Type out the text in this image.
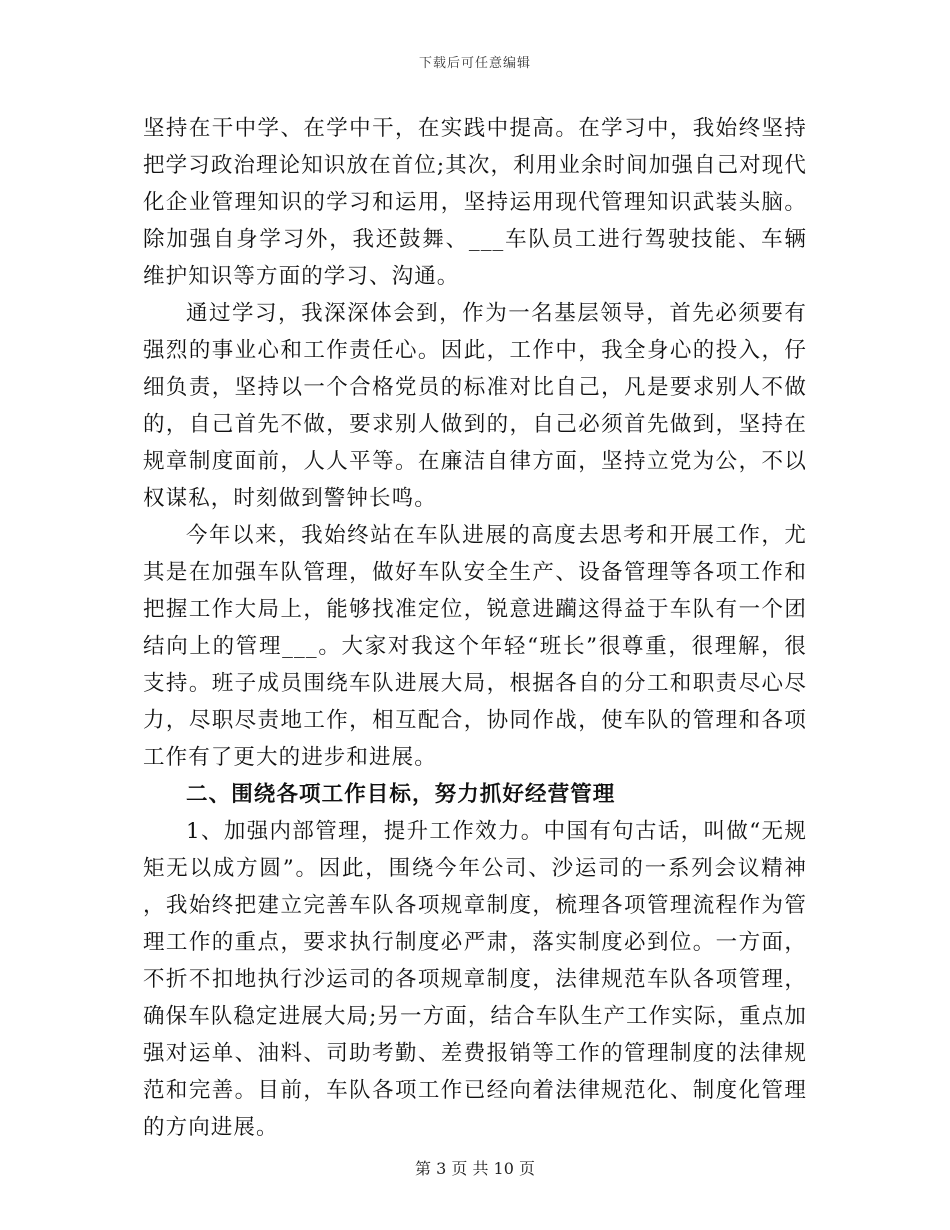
下载后可任意编辑

坚持在干中学、在学中干，在实践中提高。在学习中，我始终坚持把学习政治理论知识放在首位;其次，利用业余时间加强自己对现代化企业管理知识的学习和运用，坚持运用现代管理知识武装头脑。除加强自身学习外，我还鼓舞、___车队员工进行驾驶技能、车辆维护知识等方面的学习、沟通。

通过学习，我深深体会到，作为一名基层领导，首先必须要有强烈的事业心和工作责任心。因此，工作中，我全身心的投入，仔细负责，坚持以一个合格党员的标准对比自己，凡是要求别人不做的，自己首先不做，要求别人做到的，自己必须首先做到，坚持在规章制度面前，人人平等。在廉洁自律方面，坚持立党为公，不以权谋私，时刻做到警钟长鸣。

今年以来，我始终站在车队进展的高度去思考和开展工作，尤其是在加强车队管理，做好车队安全生产、设备管理等各项工作和把握工作大局上，能够找准定位，锐意进躏这得益于车队有一个团结向上的管理___。大家对我这个年轻“班长”很尊重，很理解，很支持。班子成员围绕车队进展大局，根据各自的分工和职责尽心尽力，尽职尽责地工作，相互配合，协同作战，使车队的管理和各项工作有了更大的进步和进展。

二、围绕各项工作目标，努力抓好经营管理

1、加强内部管理，提升工作效力。中国有句古话，叫做“无规矩无以成方圆”。因此，围绕今年公司、沙运司的一系列会议精神，我始终把建立完善车队各项规章制度，梳理各项管理流程作为管理工作的重点，要求执行制度必严肃，落实制度必到位。一方面，不折不扣地执行沙运司的各项规章制度，法律规范车队各项管理，确保车队稳定进展大局;另一方面，结合车队生产工作实际，重点加强对运单、油料、司助考勤、差费报销等工作的管理制度的法律规范和完善。目前，车队各项工作已经向着法律规范化、制度化管理的方向进展。

第 3 页 共 10 页
